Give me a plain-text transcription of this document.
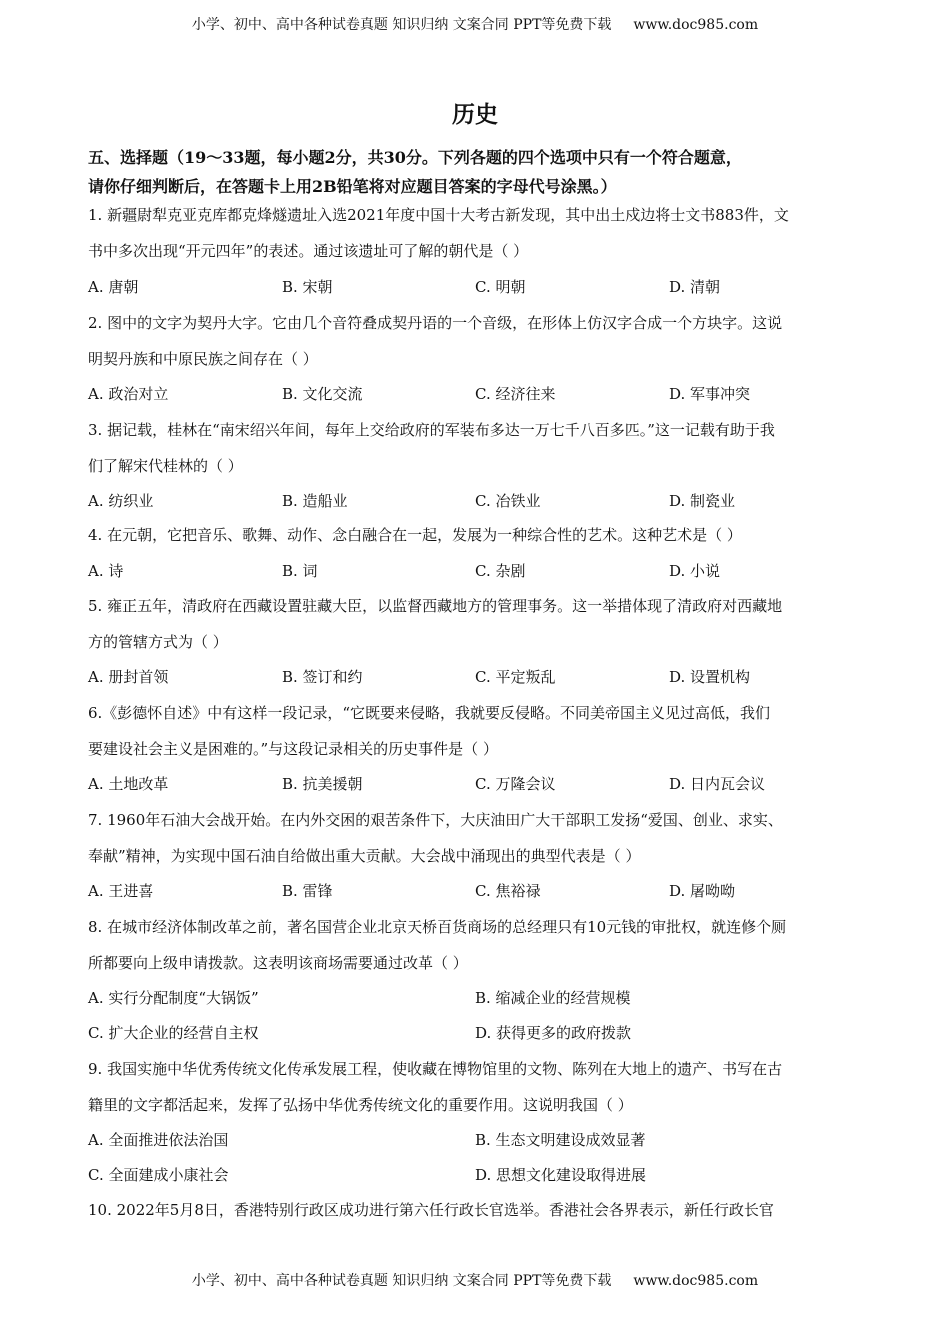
小学、初中、高中各种试卷真题 知识归纳 文案合同 PPT等免费下载 www.doc985.com
历史
五、选择题（19～33题，每小题2分，共30分。下列各题的四个选项中只有一个符合题意，
请你仔细判断后，在答题卡上用2B铅笔将对应题目答案的字母代号涂黑。）
1. 新疆尉犁克亚克库都克烽燧遗址入选2021年度中国十大考古新发现，其中出土戍边将士文书883件，文
书中多次出现“开元四年”的表述。通过该遗址可了解的朝代是（ ）
A. 唐朝	B. 宋朝	C. 明朝	D. 清朝
2. 图中的文字为契丹大字。它由几个音符叠成契丹语的一个音级，在形体上仿汉字合成一个方块字。这说
明契丹族和中原民族之间存在（ ）
A. 政治对立	B. 文化交流	C. 经济往来	D. 军事冲突
3. 据记载，桂林在“南宋绍兴年间，每年上交给政府的军装布多达一万七千八百多匹。”这一记载有助于我
们了解宋代桂林的（ ）
A. 纺织业	B. 造船业	C. 冶铁业	D. 制瓷业
4. 在元朝，它把音乐、歌舞、动作、念白融合在一起，发展为一种综合性的艺术。这种艺术是（ ）
A. 诗	B. 词	C. 杂剧	D. 小说
5. 雍正五年，清政府在西藏设置驻藏大臣，以监督西藏地方的管理事务。这一举措体现了清政府对西藏地
方的管辖方式为（ ）
A. 册封首领	B. 签订和约	C. 平定叛乱	D. 设置机构
6.《彭德怀自述》中有这样一段记录，“它既要来侵略，我就要反侵略。不同美帝国主义见过高低，我们
要建设社会主义是困难的。”与这段记录相关的历史事件是（ ）
A. 土地改革	B. 抗美援朝	C. 万隆会议	D. 日内瓦会议
7. 1960年石油大会战开始。在内外交困的艰苦条件下，大庆油田广大干部职工发扬“爱国、创业、求实、
奉献”精神，为实现中国石油自给做出重大贡献。大会战中涌现出的典型代表是（ ）
A. 王进喜	B. 雷锋	C. 焦裕禄	D. 屠呦呦
8. 在城市经济体制改革之前，著名国营企业北京天桥百货商场的总经理只有10元钱的审批权，就连修个厕
所都要向上级申请拨款。这表明该商场需要通过改革（ ）
A. 实行分配制度“大锅饭”	B. 缩减企业的经营规模
C. 扩大企业的经营自主权	D. 获得更多的政府拨款
9. 我国实施中华优秀传统文化传承发展工程，使收藏在博物馆里的文物、陈列在大地上的遗产、书写在古
籍里的文字都活起来，发挥了弘扬中华优秀传统文化的重要作用。这说明我国（ ）
A. 全面推进依法治国	B. 生态文明建设成效显著
C. 全面建成小康社会	D. 思想文化建设取得进展
10. 2022年5月8日，香港特别行政区成功进行第六任行政长官选举。香港社会各界表示，新任行政长官
小学、初中、高中各种试卷真题 知识归纳 文案合同 PPT等免费下载 www.doc985.com
